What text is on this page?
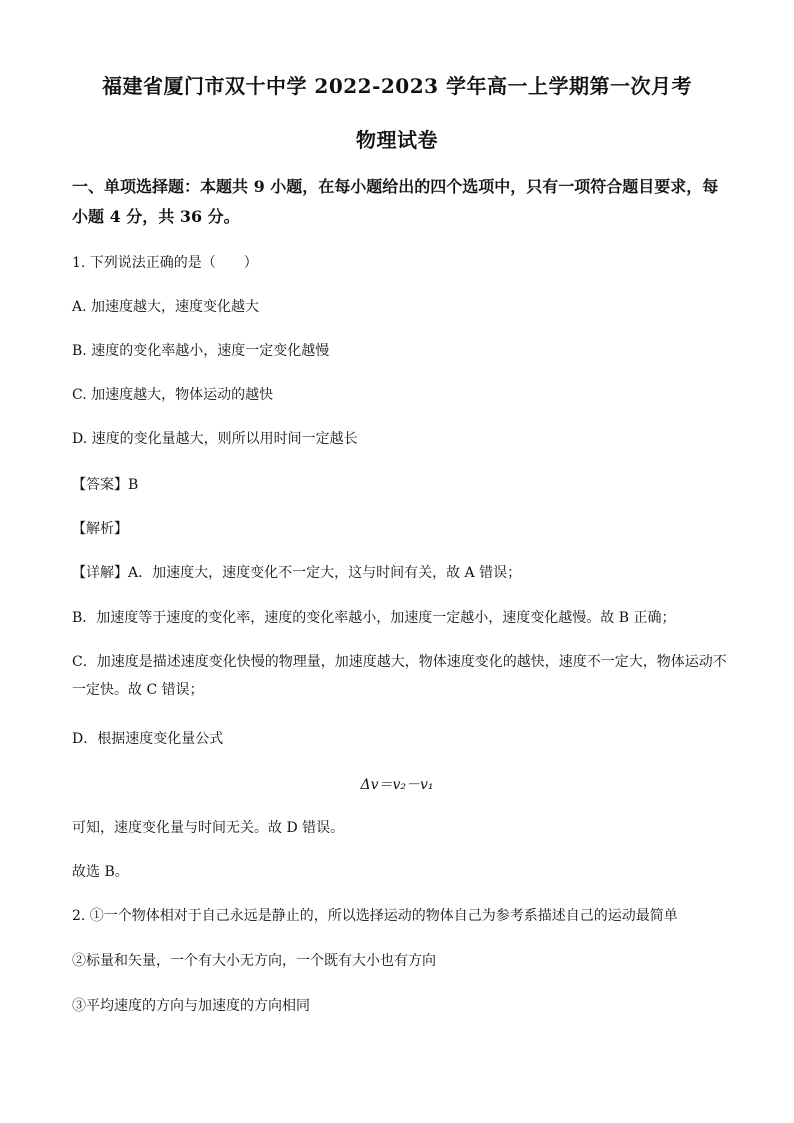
福建省厦门市双十中学 2022-2023 学年高一上学期第一次月考
物理试卷
一、单项选择题：本题共 9 小题，在每小题给出的四个选项中，只有一项符合题目要求，每小题 4 分，共 36 分。
1. 下列说法正确的是（　　）
A. 加速度越大，速度变化越大
B. 速度的变化率越小，速度一定变化越慢
C. 加速度越大，物体运动的越快
D. 速度的变化量越大，则所以用时间一定越长
【答案】B
【解析】
【详解】A．加速度大，速度变化不一定大，这与时间有关，故 A 错误；
B．加速度等于速度的变化率，速度的变化率越小，加速度一定越小，速度变化越慢。故 B 正确；
C．加速度是描述速度变化快慢的物理量，加速度越大，物体速度变化的越快，速度不一定大，物体运动不一定快。故 C 错误；
D．根据速度变化量公式
Δv＝v₂－v₁
可知，速度变化量与时间无关。故 D 错误。
故选 B。
2. ①一个物体相对于自己永远是静止的，所以选择运动的物体自己为参考系描述自己的运动最简单
②标量和矢量，一个有大小无方向，一个既有大小也有方向
③平均速度的方向与加速度的方向相同
